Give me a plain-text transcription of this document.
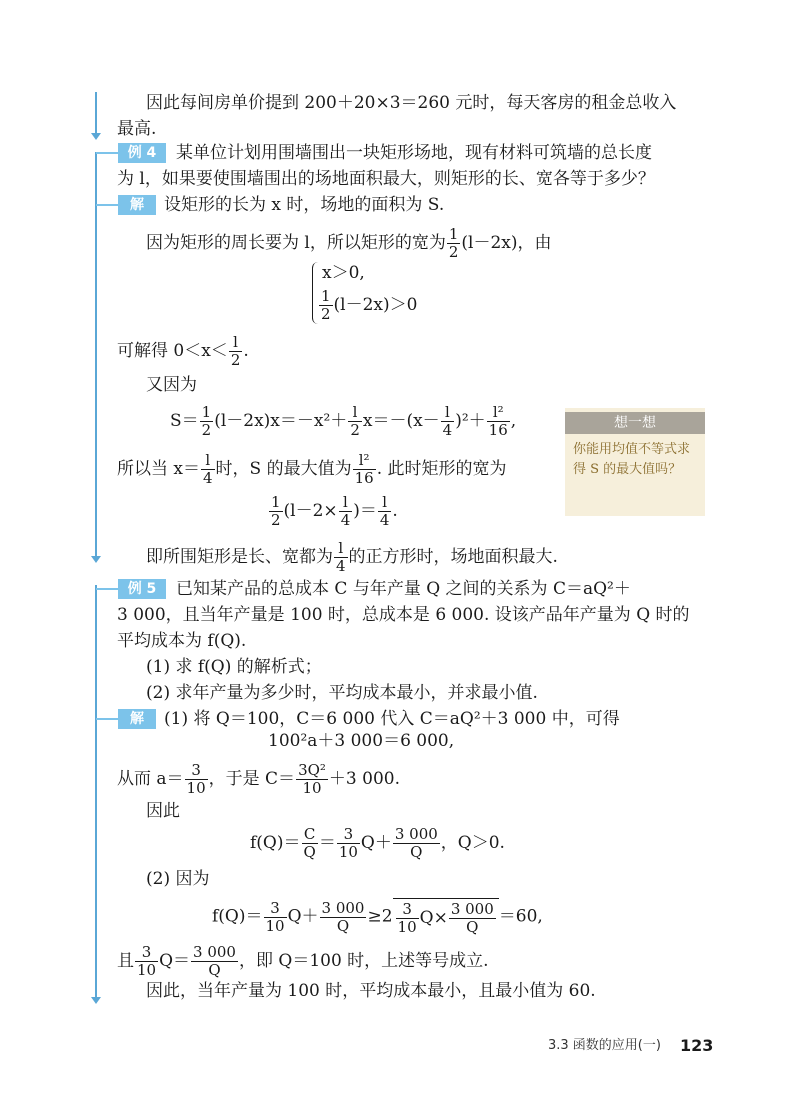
因此每间房单价提到 200＋20×3＝260 元时，每天客房的租金总收入
最高.
例 4	某单位计划用围墙围出一块矩形场地，现有材料可筑墙的总长度
为 l，如果要使围墙围出的场地面积最大，则矩形的长、宽各等于多少？
解	设矩形的长为 x 时，场地的面积为 S.
因为矩形的周长要为 l，所以矩形的宽为 $\frac{1}{2} (l-2x)$，由
x＞0,
$\frac{1}{2} (l-2x)>0$
可解得 $0<x< \frac{l}{2}$ .
又因为
$S= \frac{1}{2} (l-2x)x=-x^2+ \frac{l}{2} x=-(x- \frac{l}{4} )^2+ \frac{\text{l²}}{16}$ ,
所以当 $x= \frac{l}{4}$ 时，S 的最大值为 $\frac{\text{l²}}{16}$ . 此时矩形的宽为
$\frac{1}{2} (l-2\times \frac{l}{4}$ )＝ $\frac{l}{4}$ .
即所围矩形是长、宽都为 $\frac{l}{4}$ 的正方形时，场地面积最大.
想一想
你能用均值不等式求得 S 的最大值吗？
例 5	已知某产品的总成本 C 与年产量 Q 之间的关系为 C＝aQ²＋
3 000，且当年产量是 100 时，总成本是 6 000. 设该产品年产量为 Q 时的
平均成本为 f(Q).
(1) 求 f(Q) 的解析式；
(2) 求年产量为多少时，平均成本最小，并求最小值.
解	(1) 将 Q＝100，C＝6 000 代入 C＝aQ²＋3 000 中，可得
100²a＋3 000＝6 000,
从而 $a= \frac{3}{10}$ ，于是 $C= \frac{\text{3Q²}}{10} +3$ 000.
因此
$f(Q)= \frac{C}{Q} = \frac{3}{10} Q+ \frac{3 000}{Q}$ ，Q＞0.
(2) 因为
$f(Q)= \frac{3}{10} Q+ \frac{3 000}{Q} \ge 2 \frac{3}{10} Q\times \frac{3 000}{Q} =60$,
且 $\frac{3}{10} Q= \frac{3 000}{Q}$ ，即 Q＝100 时，上述等号成立.
因此，当年产量为 100 时，平均成本最小，且最小值为 60.
3.3 函数的应用(一) 123
